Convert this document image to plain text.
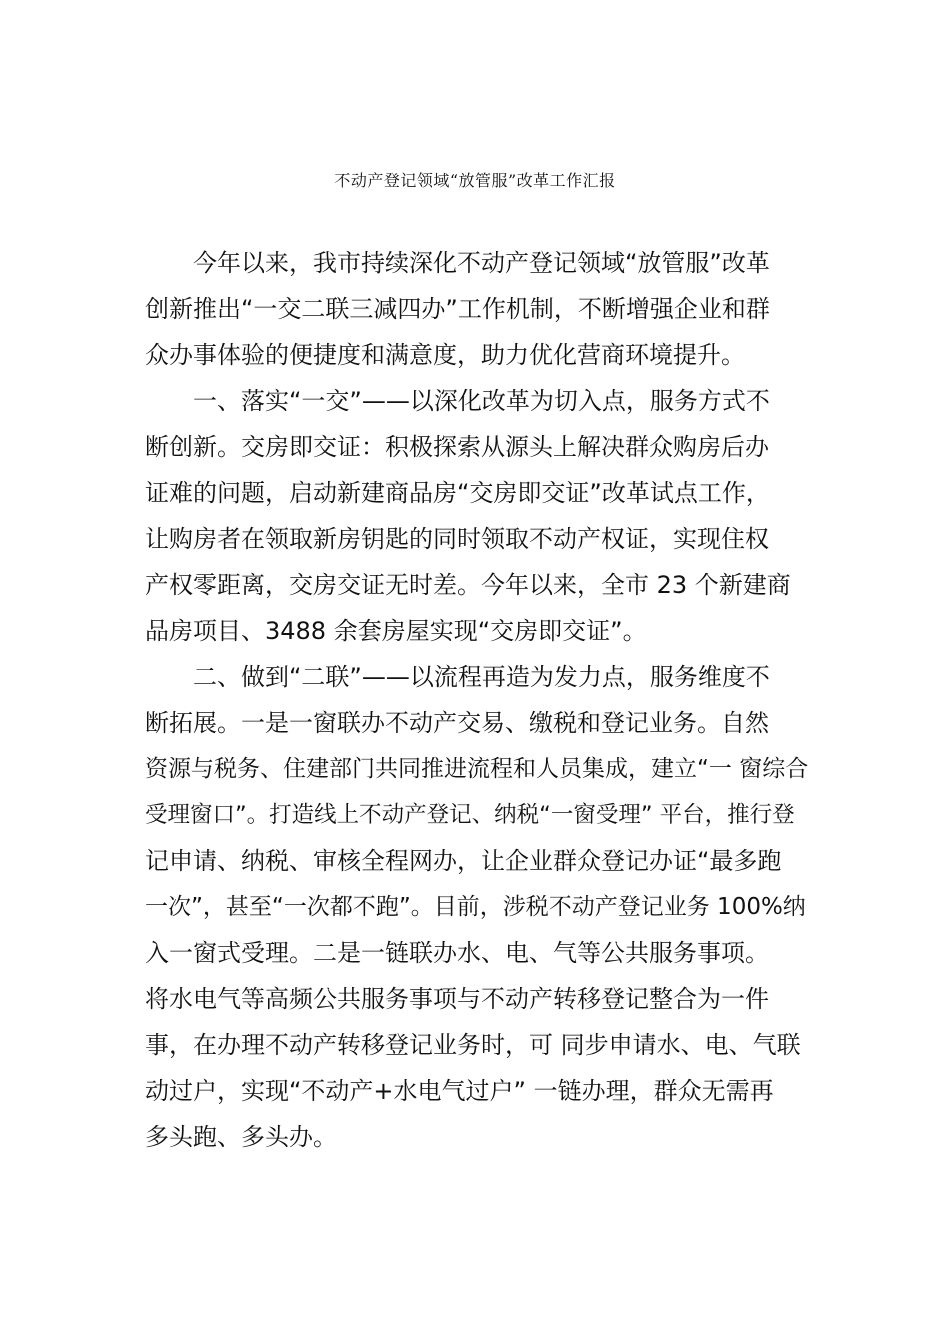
不动产登记领域“放管服”改革工作汇报
今年以来，我市持续深化不动产登记领域“放管服”改革
创新推出“一交二联三减四办”工作机制，不断增强企业和群
众办事体验的便捷度和满意度，助力优化营商环境提升。
一、落实“一交”——以深化改革为切入点，服务方式不
断创新。交房即交证：积极探索从源头上解决群众购房后办
证难的问题，启动新建商品房“交房即交证”改革试点工作，
让购房者在领取新房钥匙的同时领取不动产权证，实现住权
产权零距离，交房交证无时差。今年以来，全市 23 个新建商
品房项目、3488 余套房屋实现“交房即交证”。
二、做到“二联”——以流程再造为发力点，服务维度不
断拓展。一是一窗联办不动产交易、缴税和登记业务。自然
资源与税务、住建部门共同推进流程和人员集成，建立“一 窗综合
受理窗口”。打造线上不动产登记、纳税“一窗受理” 平台，推行登
记申请、纳税、审核全程网办，让企业群众登记办证“最多跑
一次”，甚至“一次都不跑”。目前，涉税不动产登记业务 100%纳
入一窗式受理。二是一链联办水、电、气等公共服务事项。
将水电气等高频公共服务事项与不动产转移登记整合为一件
事，在办理不动产转移登记业务时，可 同步申请水、电、气联
动过户，实现“不动产+水电气过户” 一链办理，群众无需再
多头跑、多头办。
